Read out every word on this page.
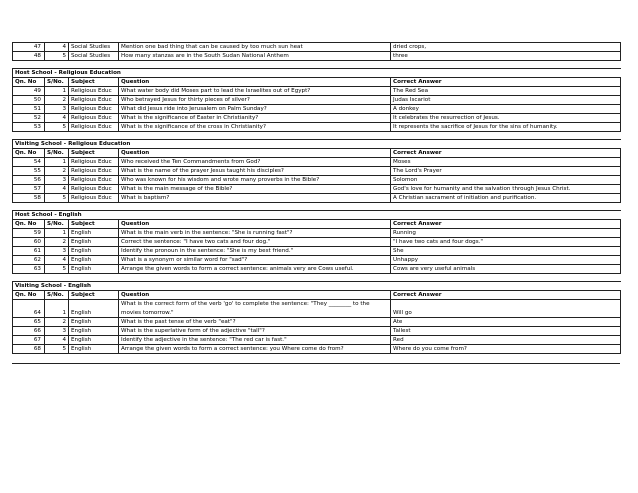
47	4	Social Studies	Mention one bad thing that can be caused by too much sun heat	dried crops,
48	5	Social Studies	How many stanzas are in the South Sudan National Anthem	three

Host School - Religious Education				
Qn. No	S/No.	Subject	Question	Correct Answer
49	1	Religious Educ	What water body did Moses part to lead the Israelites out of Egypt?	The Red Sea
50	2	Religious Educ	Who betrayed Jesus for thirty pieces of silver?	Judas Iscariot
51	3	Religious Educ	What did Jesus ride into Jerusalem on Palm Sunday?	A donkey
52	4	Religious Educ	What is the significance of Easter in Christianity?	It celebrates the resurrection of Jesus.
53	5	Religious Educ	What is the significance of the cross in Christianity?	It represents the sacrifice of Jesus for the sins of humanity.

Visiting School - Religious Education				
Qn. No	S/No.	Subject	Question	Correct Answer
54	1	Religious Educ	Who received the Ten Commandments from God?	Moses
55	2	Religious Educ	What is the name of the prayer Jesus taught his disciples?	The Lord's Prayer
56	3	Religious Educ	Who was known for his wisdom and wrote many proverbs in the Bible?	Solomon
57	4	Religious Educ	What is the main message of the Bible?	God's love for humanity and the salvation through Jesus Christ.
58	5	Religious Educ	What is baptism?	A Christian sacrament of initiation and purification.

Host School - English				
Qn. No	S/No.	Subject	Question	Correct Answer
59	1	English	What is the main verb in the sentence: "She is running fast"?	Running
60	2	English	Correct the sentence: "I have two cats and four dog."	"I have two cats and four dogs."
61	3	English	Identify the pronoun in the sentence: "She is my best friend."	She
62	4	English	What is a synonym or similar word for "sad"?	Unhappy
63	5	English	Arrange the given words to form a correct sentence: animals very are Cows useful.	Cows are very useful animals

Visiting School - English				
Qn. No	S/No.	Subject	Question	Correct Answer
64	1	English	What is the correct form of the verb 'go' to complete the sentence: "They ________ to the movies tomorrow."	Will go
65	2	English	What is the past tense of the verb "eat"?	Ate
66	3	English	What is the superlative form of the adjective "tall"?	Tallest
67	4	English	Identify the adjective in the sentence: "The red car is fast."	Red
68	5	English	Arrange the given words to form a correct sentence: you Where come do from?	Where do you come from?
